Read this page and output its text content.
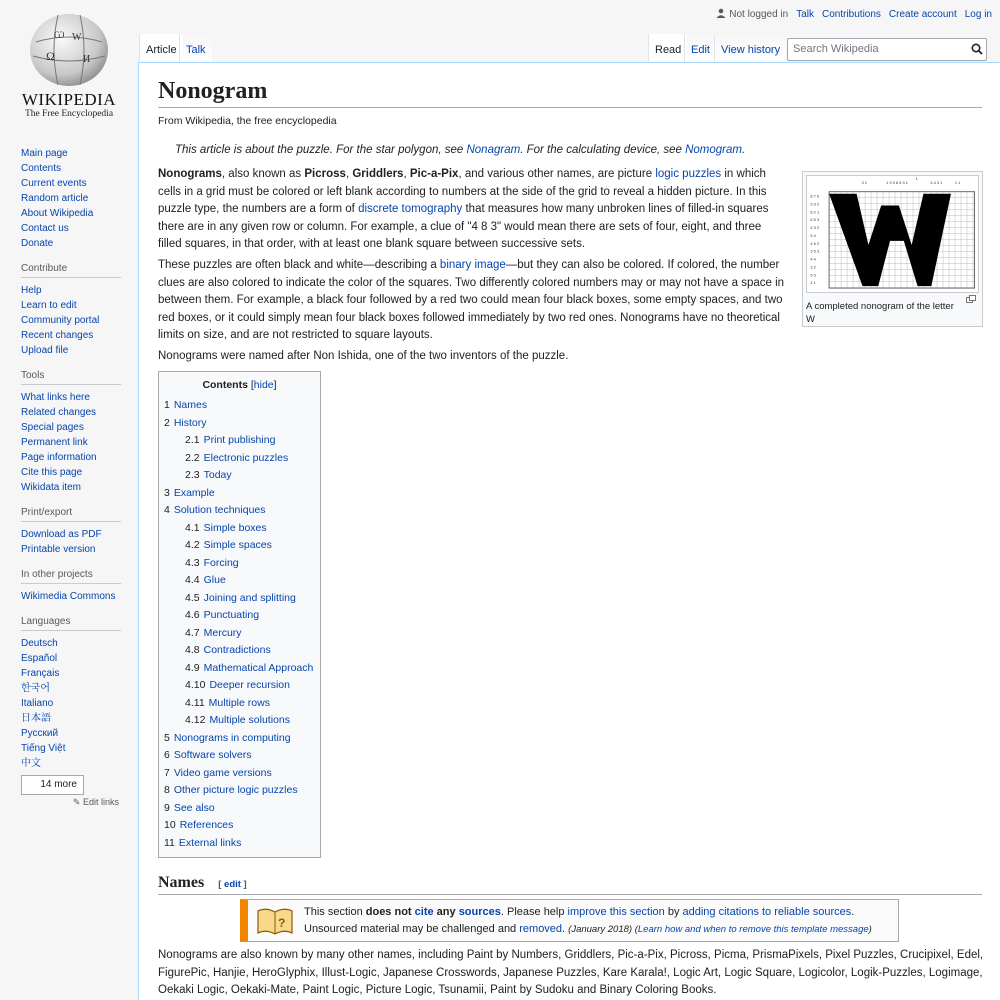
Ω
W
И
Ѡ
WIKIPEDIA
The Free Encyclopedia
Main page
Contents
Current events
Random article
About Wikipedia
Contact us
Donate
Contribute
Help
Learn to edit
Community portal
Recent changes
Upload file
Tools
What links here
Related changes
Special pages
Permanent link
Page information
Cite this page
Wikidata item
Print/export
Download as PDF
Printable version
In other projects
Wikimedia Commons
Languages
Deutsch
Español
Français
한국어
Italiano
日本語
Русский
Tiếng Việt
中文
14 more
✎ Edit links
Not logged in Talk Contributions Create account Log in
Article Talk	Read Edit	View history	Search Wikipedia
Nonogram
From Wikipedia, the free encyclopedia
This article is about the puzzle. For the star polygon, see Nonagram. For the calculating device, see Nomogram.

Nonograms, also known as Picross, Griddlers, Pic-a-Pix, and various other names, are picture logic puzzles in which cells in a grid must be colored or left blank according to numbers at the side of the grid to reveal a hidden picture. In this puzzle type, the numbers are a form of discrete tomography that measures how many unbroken lines of filled-in squares there are in any given row or column. For example, a clue of "4 8 3" would mean there are sets of four, eight, and three filled squares, in that order, with at least one blank square between successive sets.

These puzzles are often black and white—describing a binary image—but they can also be colored. If colored, the number clues are also colored to indicate the color of the squares. Two differently colored numbers may or may not have a space in between them. For example, a black four followed by a red two could mean four black boxes, some empty spaces, and two red boxes, or it could simply mean four black boxes followed immediately by two red ones. Nonograms have no theoretical limits on size, and are not restricted to square layouts.

Nonograms were named after Non Ishida, one of the two inventors of the puzzle.

8 7 5
9 3 2
8 2 1
6 5 3
4 3 2
5 4
4 6 2
3 5 3
4 4
3 2
5 3
2 1
3 1	1 3 9 8 6 3 1	4 4 3 1	1 1
1
A completed nonogram of the letter W
Contents [hide]
1 Names
2 History
2.1 Print publishing
2.2 Electronic puzzles
2.3 Today
3 Example
4 Solution techniques
4.1 Simple boxes
4.2 Simple spaces
4.3 Forcing
4.4 Glue
4.5 Joining and splitting
4.6 Punctuating
4.7 Mercury
4.8 Contradictions
4.9 Mathematical Approach
4.10 Deeper recursion
4.11 Multiple rows
4.12 Multiple solutions
5 Nonograms in computing
6 Software solvers
7 Video game versions
8 Other picture logic puzzles
9 See also
10 References
11 External links
Names [ edit ]
?
This section does not cite any sources. Please help improve this section by adding citations to reliable sources. Unsourced material may be challenged and removed. (January 2018) (Learn how and when to remove this template message)

Nonograms are also known by many other names, including Paint by Numbers, Griddlers, Pic-a-Pix, Picross, Picma, PrismaPixels, Pixel Puzzles, Crucipixel, Edel, FigurePic, Hanjie, HeroGlyphix, Illust-Logic, Japanese Crosswords, Japanese Puzzles, Kare Karala!, Logic Art, Logic Square, Logicolor, Logik-Puzzles, Logimage, Oekaki Logic, Oekaki-Mate, Paint Logic, Picture Logic, Tsunamii, Paint by Sudoku and Binary Coloring Books.
